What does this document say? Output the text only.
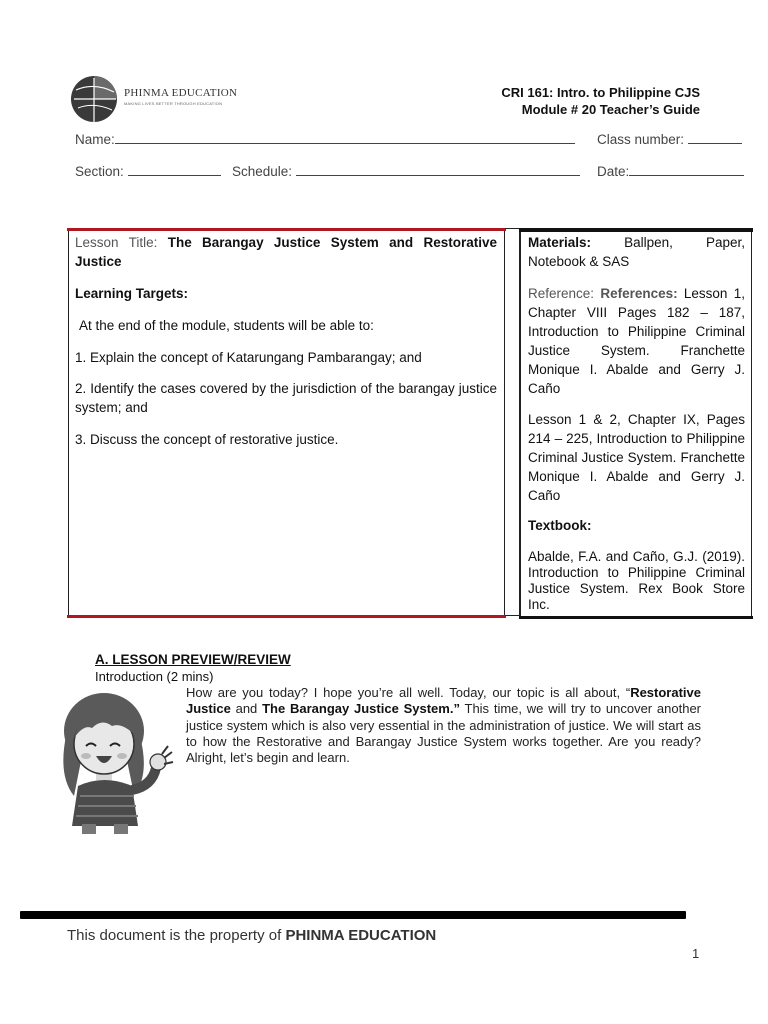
PHINMA EDUCATION
MAKING LIVES BETTER THROUGH EDUCATION
CRI 161: Intro. to Philippine CJS
Module # 20 Teacher’s Guide
Name:	Class number:
Section:	Schedule:	Date:
Lesson Title: The Barangay Justice System and Restorative Justice
Learning Targets:
At the end of the module, students will be able to:
1. Explain the concept of Katarungang Pambarangay; and
2. Identify the cases covered by the jurisdiction of the barangay justice system; and
3. Discuss the concept of restorative justice.
Materials: Ballpen, Paper, Notebook & SAS
Reference: References: Lesson 1, Chapter VIII Pages 182 – 187, Introduction to Philippine Criminal Justice System. Franchette Monique I. Abalde and Gerry J. Caño
Lesson 1 & 2, Chapter IX, Pages 214 – 225, Introduction to Philippine Criminal Justice System. Franchette Monique I. Abalde and Gerry J. Caño
Textbook:
Abalde, F.A. and Caño, G.J. (2019). Introduction to Philippine Criminal Justice System. Rex Book Store Inc.
A. LESSON PREVIEW/REVIEW
Introduction (2 mins)
How are you today? I hope you’re all well. Today, our topic is all about, “Restorative Justice and The Barangay Justice System.” This time, we will try to uncover another justice system which is also very essential in the administration of justice. We will start as to how the Restorative and Barangay Justice System works together. Are you ready? Alright, let’s begin and learn.
This document is the property of PHINMA EDUCATION
1
